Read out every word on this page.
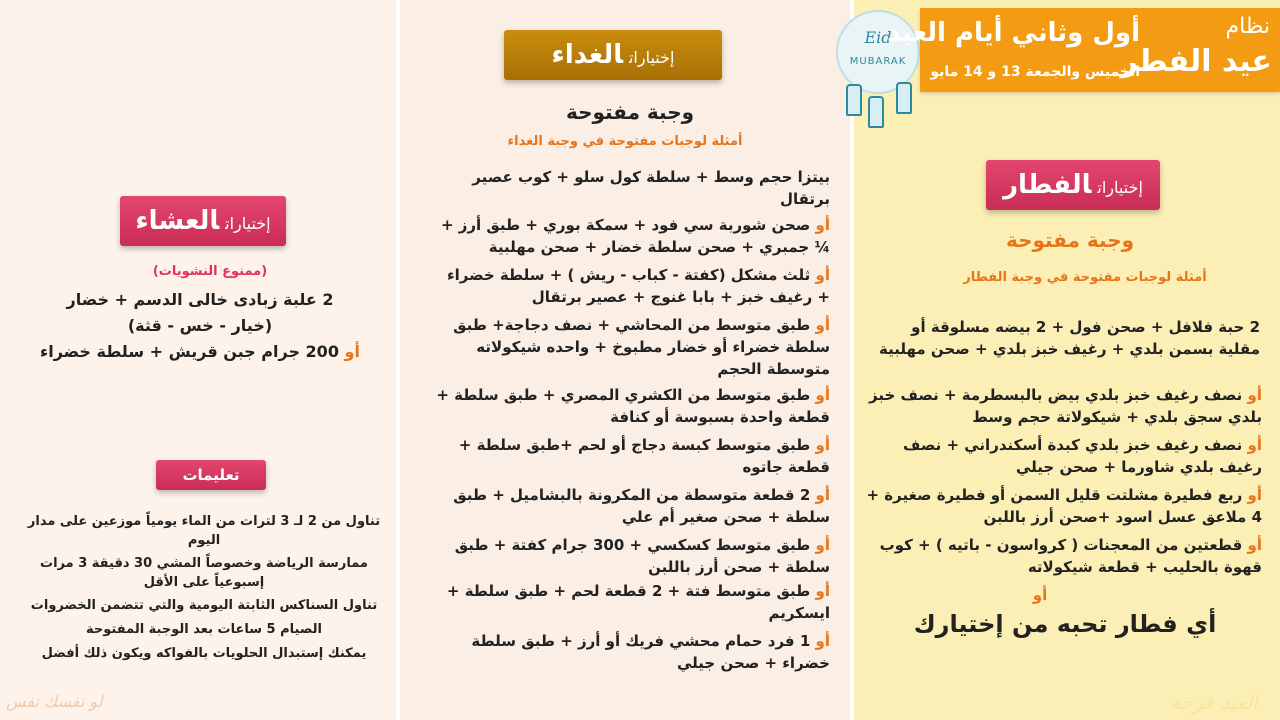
Eid
MUBARAK
نظام
عيد الفطر
أول وثاني أيام العيد
الخميس والجمعة 13 و 14 مايو
إختياراتالغداء
وجبة مفتوحة
أمثلة لوجبات مفتوحة في وجبة الغداء
بيتزا حجم وسط + سلطة كول سلو + كوب عصير برتقال
أو صحن شوربة سي فود + سمكة بوري + طبق أرز + ¼ جمبري + صحن سلطة خضار + صحن مهلبية
أو ثلث مشكل (كفتة - كباب - ريش ) + سلطة خضراء + رغيف خبز + بابا غنوج + عصير برتقال
أو طبق متوسط من المحاشي + نصف دجاجة+ طبق سلطة خضراء أو خضار مطبوخ + واحده شيكولاته متوسطة الحجم
أو طبق متوسط من الكشري المصري + طبق سلطة + قطعة واحدة بسبوسة أو كنافة
أو طبق متوسط كبسة دجاج أو لحم +طبق سلطة + قطعة جاتوه
أو 2 قطعة متوسطة من المكرونة بالبشاميل + طبق سلطة + صحن صغير أم علي
أو طبق متوسط كسكسي + 300 جرام كفتة + طبق سلطة + صحن أرز باللبن
أو طبق متوسط فتة + 2 قطعة لحم + طبق سلطة + ايسكريم
أو 1 فرد حمام محشي فريك أو أرز + طبق سلطة خضراء + صحن جيلي
إختياراتالفطار
وجبة مفتوحة
أمثلة لوجبات مفتوحة في وجبة الفطار
2 حبة فلافل + صحن فول + 2 بيضه مسلوقة أو مقلية بسمن بلدي + رغيف خبز بلدي + صحن مهلبية
أو نصف رغيف خبز بلدي بيض بالبسطرمة + نصف خبز بلدي سجق بلدي + شيكولاتة حجم وسط
أو نصف رغيف خبز بلدي كبدة أسكندراني + نصف رغيف بلدي شاورما + صحن جيلي
أو ربع فطيرة مشلتت قليل السمن أو فطيرة صغيرة + 4 ملاعق عسل اسود +صحن أرز باللبن
أو قطعتين من المعجنات ( كرواسون - باتيه ) + كوب قهوة بالحليب + قطعة شيكولاته
أو
أي فطار تحبه من إختيارك
إختياراتالعشاء
(ممنوع النشويات)
2 علبة زبادى خالى الدسم + خضار
(خيار - خس - قثة)
أو 200 جرام جبن قريش + سلطة خضراء
تعليمات
تناول من 2 لـ 3 لترات من الماء يومياً موزعين على مدار اليوم
ممارسة الرياضة وخصوصاً المشي 30 دقيقة 3 مرات إسبوعياً على الأقل
تناول السناكس الثابتة اليومية والتي تتضمن الخضروات
الصيام 5 ساعات بعد الوجبة المفتوحة
يمكنك إستبدال الحلويات بالفواكه ويكون ذلك أفضل
لو نفسك تفس	العيد فرحة
